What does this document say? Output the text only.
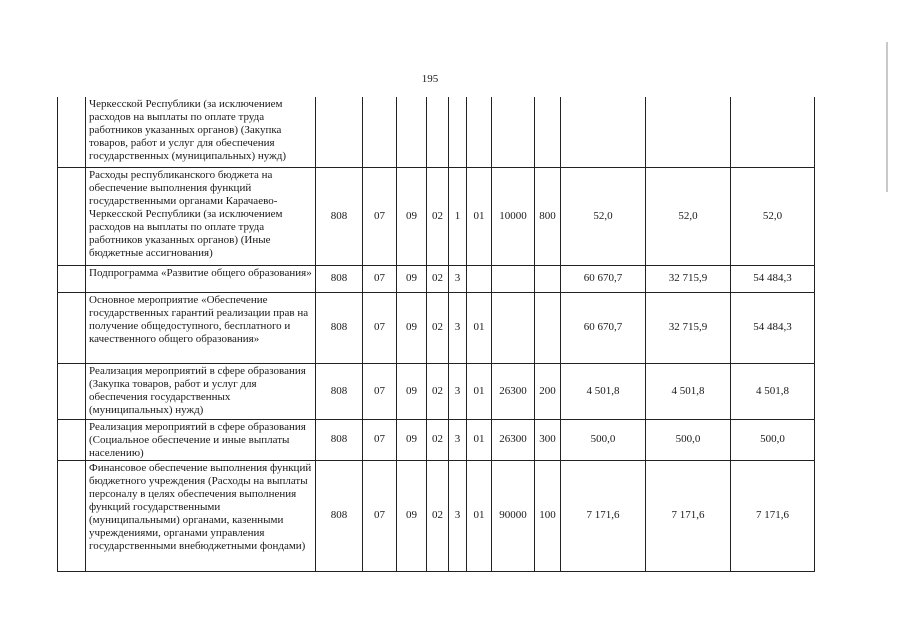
195
	Черкесской Республики (за исключением расходов на выплаты по оплате труда работников указанных органов) (Закупка товаров, работ и услуг для обеспечения государственных (муниципальных) нужд)											
	Расходы республиканского бюджета на обеспечение выполнения функций государственными органами Карачаево-Черкесской Республики (за исключением расходов на выплаты по оплате труда работников указанных органов) (Иные бюджетные ассигнования)	808	07	09	02	1	01	10000	800	52,0	52,0	52,0
	Подпрограмма «Развитие общего образования»	808	07	09	02	3				60 670,7	32 715,9	54 484,3
	Основное мероприятие «Обеспечение государственных гарантий реализации прав на получение общедоступного, бесплатного и качественного общего образования»	808	07	09	02	3	01			60 670,7	32 715,9	54 484,3
	Реализация мероприятий в сфере образования (Закупка товаров, работ и услуг для обеспечения государственных (муниципальных) нужд)	808	07	09	02	3	01	26300	200	4 501,8	4 501,8	4 501,8
	Реализация мероприятий в сфере образования (Социальное обеспечение и иные выплаты населению)	808	07	09	02	3	01	26300	300	500,0	500,0	500,0
	Финансовое обеспечение выполнения функций бюджетного учреждения (Расходы на выплаты персоналу в целях обеспечения выполнения функций государственными (муниципальными) органами, казенными учреждениями, органами управления государственными внебюджетными фондами)	808	07	09	02	3	01	90000	100	7 171,6	7 171,6	7 171,6
